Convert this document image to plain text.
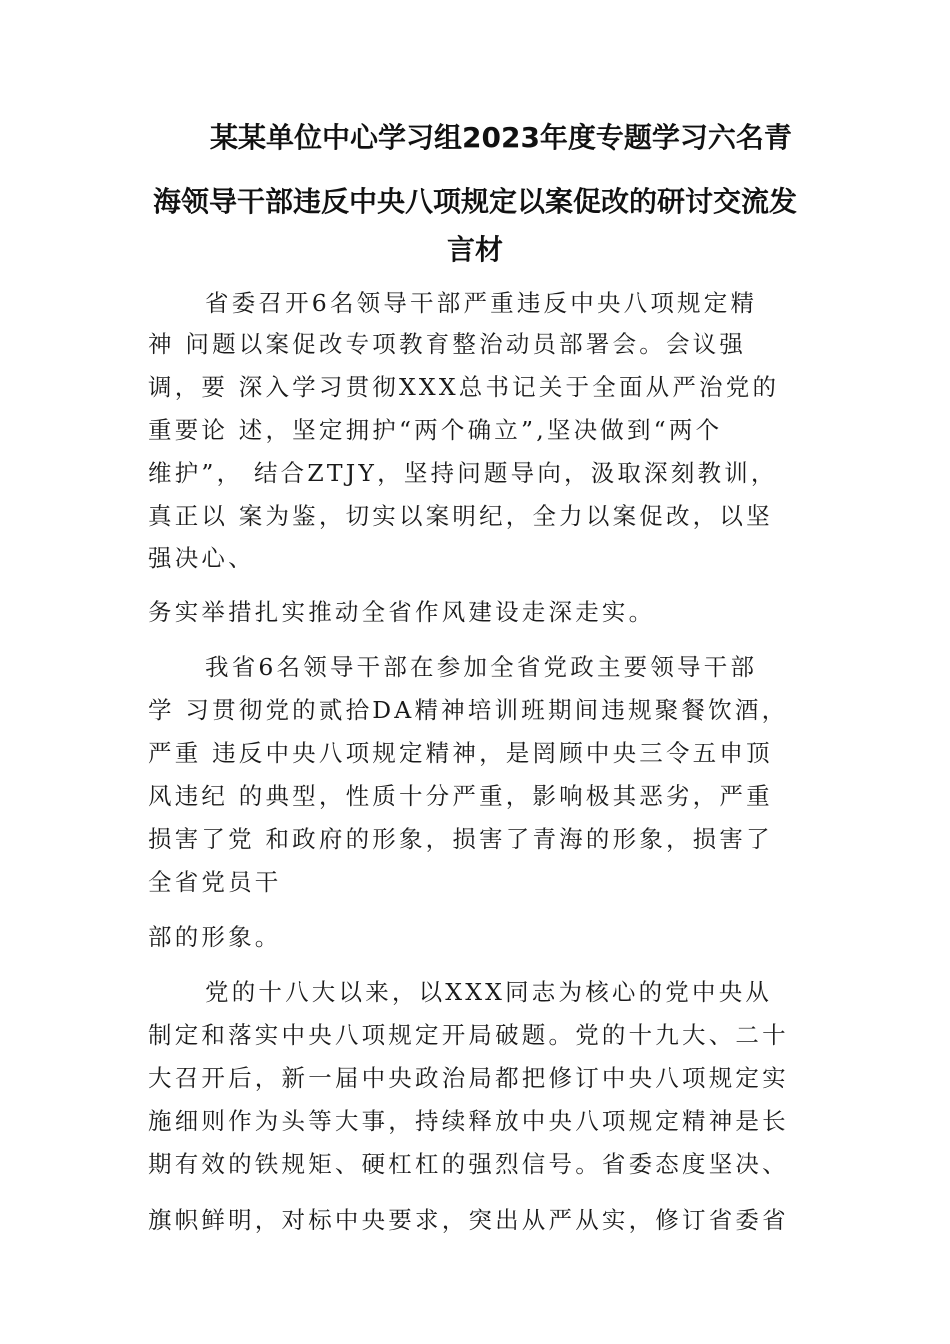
某某单位中心学习组2023年度专题学习六名青
海领导干部违反中央八项规定以案促改的研讨交流发
言材
省委召开6名领导干部严重违反中央八项规定精
神 问题以案促改专项教育整治动员部署会。会议强
调，要 深入学习贯彻XXX总书记关于全面从严治党的
重要论 述，坚定拥护“两个确立”,坚决做到“两个
维护”， 结合ZTJY，坚持问题导向，汲取深刻教训，
真正以 案为鉴，切实以案明纪，全力以案促改，以坚
强决心、
务实举措扎实推动全省作风建设走深走实。
我省6名领导干部在参加全省党政主要领导干部
学 习贯彻党的贰拾DA精神培训班期间违规聚餐饮酒，
严重 违反中央八项规定精神，是罔顾中央三令五申顶
风违纪 的典型，性质十分严重，影响极其恶劣，严重
损害了党 和政府的形象，损害了青海的形象，损害了
全省党员干
部的形象。
党的十八大以来，以XXX同志为核心的党中央从
制定和落实中央八项规定开局破题。党的十九大、二十
大召开后，新一届中央政治局都把修订中央八项规定实
施细则作为头等大事，持续释放中央八项规定精神是长
期有效的铁规矩、硬杠杠的强烈信号。省委态度坚决、
旗帜鲜明，对标中央要求，突出从严从实，修订省委省
